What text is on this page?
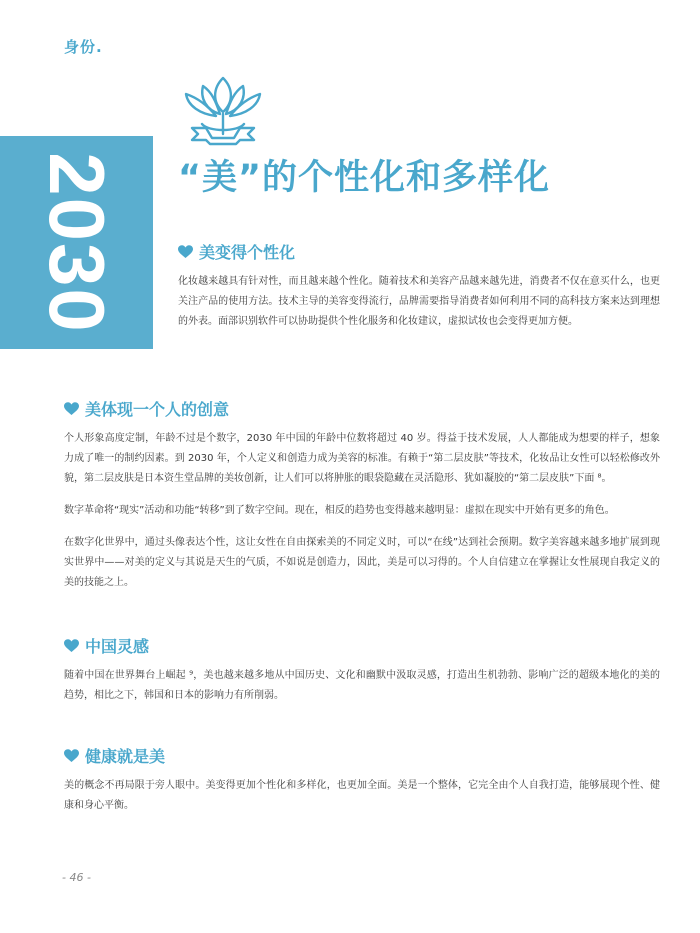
身份.
2030 “美”的个性化和多样化
美变得个性化

化妆越来越具有针对性，而且越来越个性化。随着技术和美容产品越来越先进，消费者不仅在意买什么，也更关注产品的使用方法。技术主导的美容变得流行，品牌需要指导消费者如何利用不同的高科技方案来达到理想的外表。面部识别软件可以协助提供个性化服务和化妆建议，虚拟试妆也会变得更加方便。

美体现一个人的创意

个人形象高度定制，年龄不过是个数字，2030 年中国的年龄中位数将超过 40 岁。得益于技术发展，人人都能成为想要的样子，想象力成了唯一的制约因素。到 2030 年，个人定义和创造力成为美容的标准。有赖于“第二层皮肤”等技术，化妆品让女性可以轻松修改外貌，第二层皮肤是日本资生堂品牌的美妆创新，让人们可以将肿胀的眼袋隐藏在灵活隐形、犹如凝胶的“第二层皮肤”下面 ⁸。

数字革命将“现实”活动和功能“转移”到了数字空间。现在，相反的趋势也变得越来越明显：虚拟在现实中开始有更多的角色。

在数字化世界中，通过头像表达个性，这让女性在自由探索美的不同定义时，可以“在线”达到社会预期。数字美容越来越多地扩展到现实世界中——对美的定义与其说是天生的气质，不如说是创造力，因此，美是可以习得的。个人自信建立在掌握让女性展现自我定义的美的技能之上。

中国灵感

随着中国在世界舞台上崛起 ⁹，美也越来越多地从中国历史、文化和幽默中汲取灵感，打造出生机勃勃、影响广泛的超级本地化的美的趋势，相比之下，韩国和日本的影响力有所削弱。

健康就是美

美的概念不再局限于旁人眼中。美变得更加个性化和多样化，也更加全面。美是一个整体，它完全由个人自我打造，能够展现个性、健康和身心平衡。

- 46 -
